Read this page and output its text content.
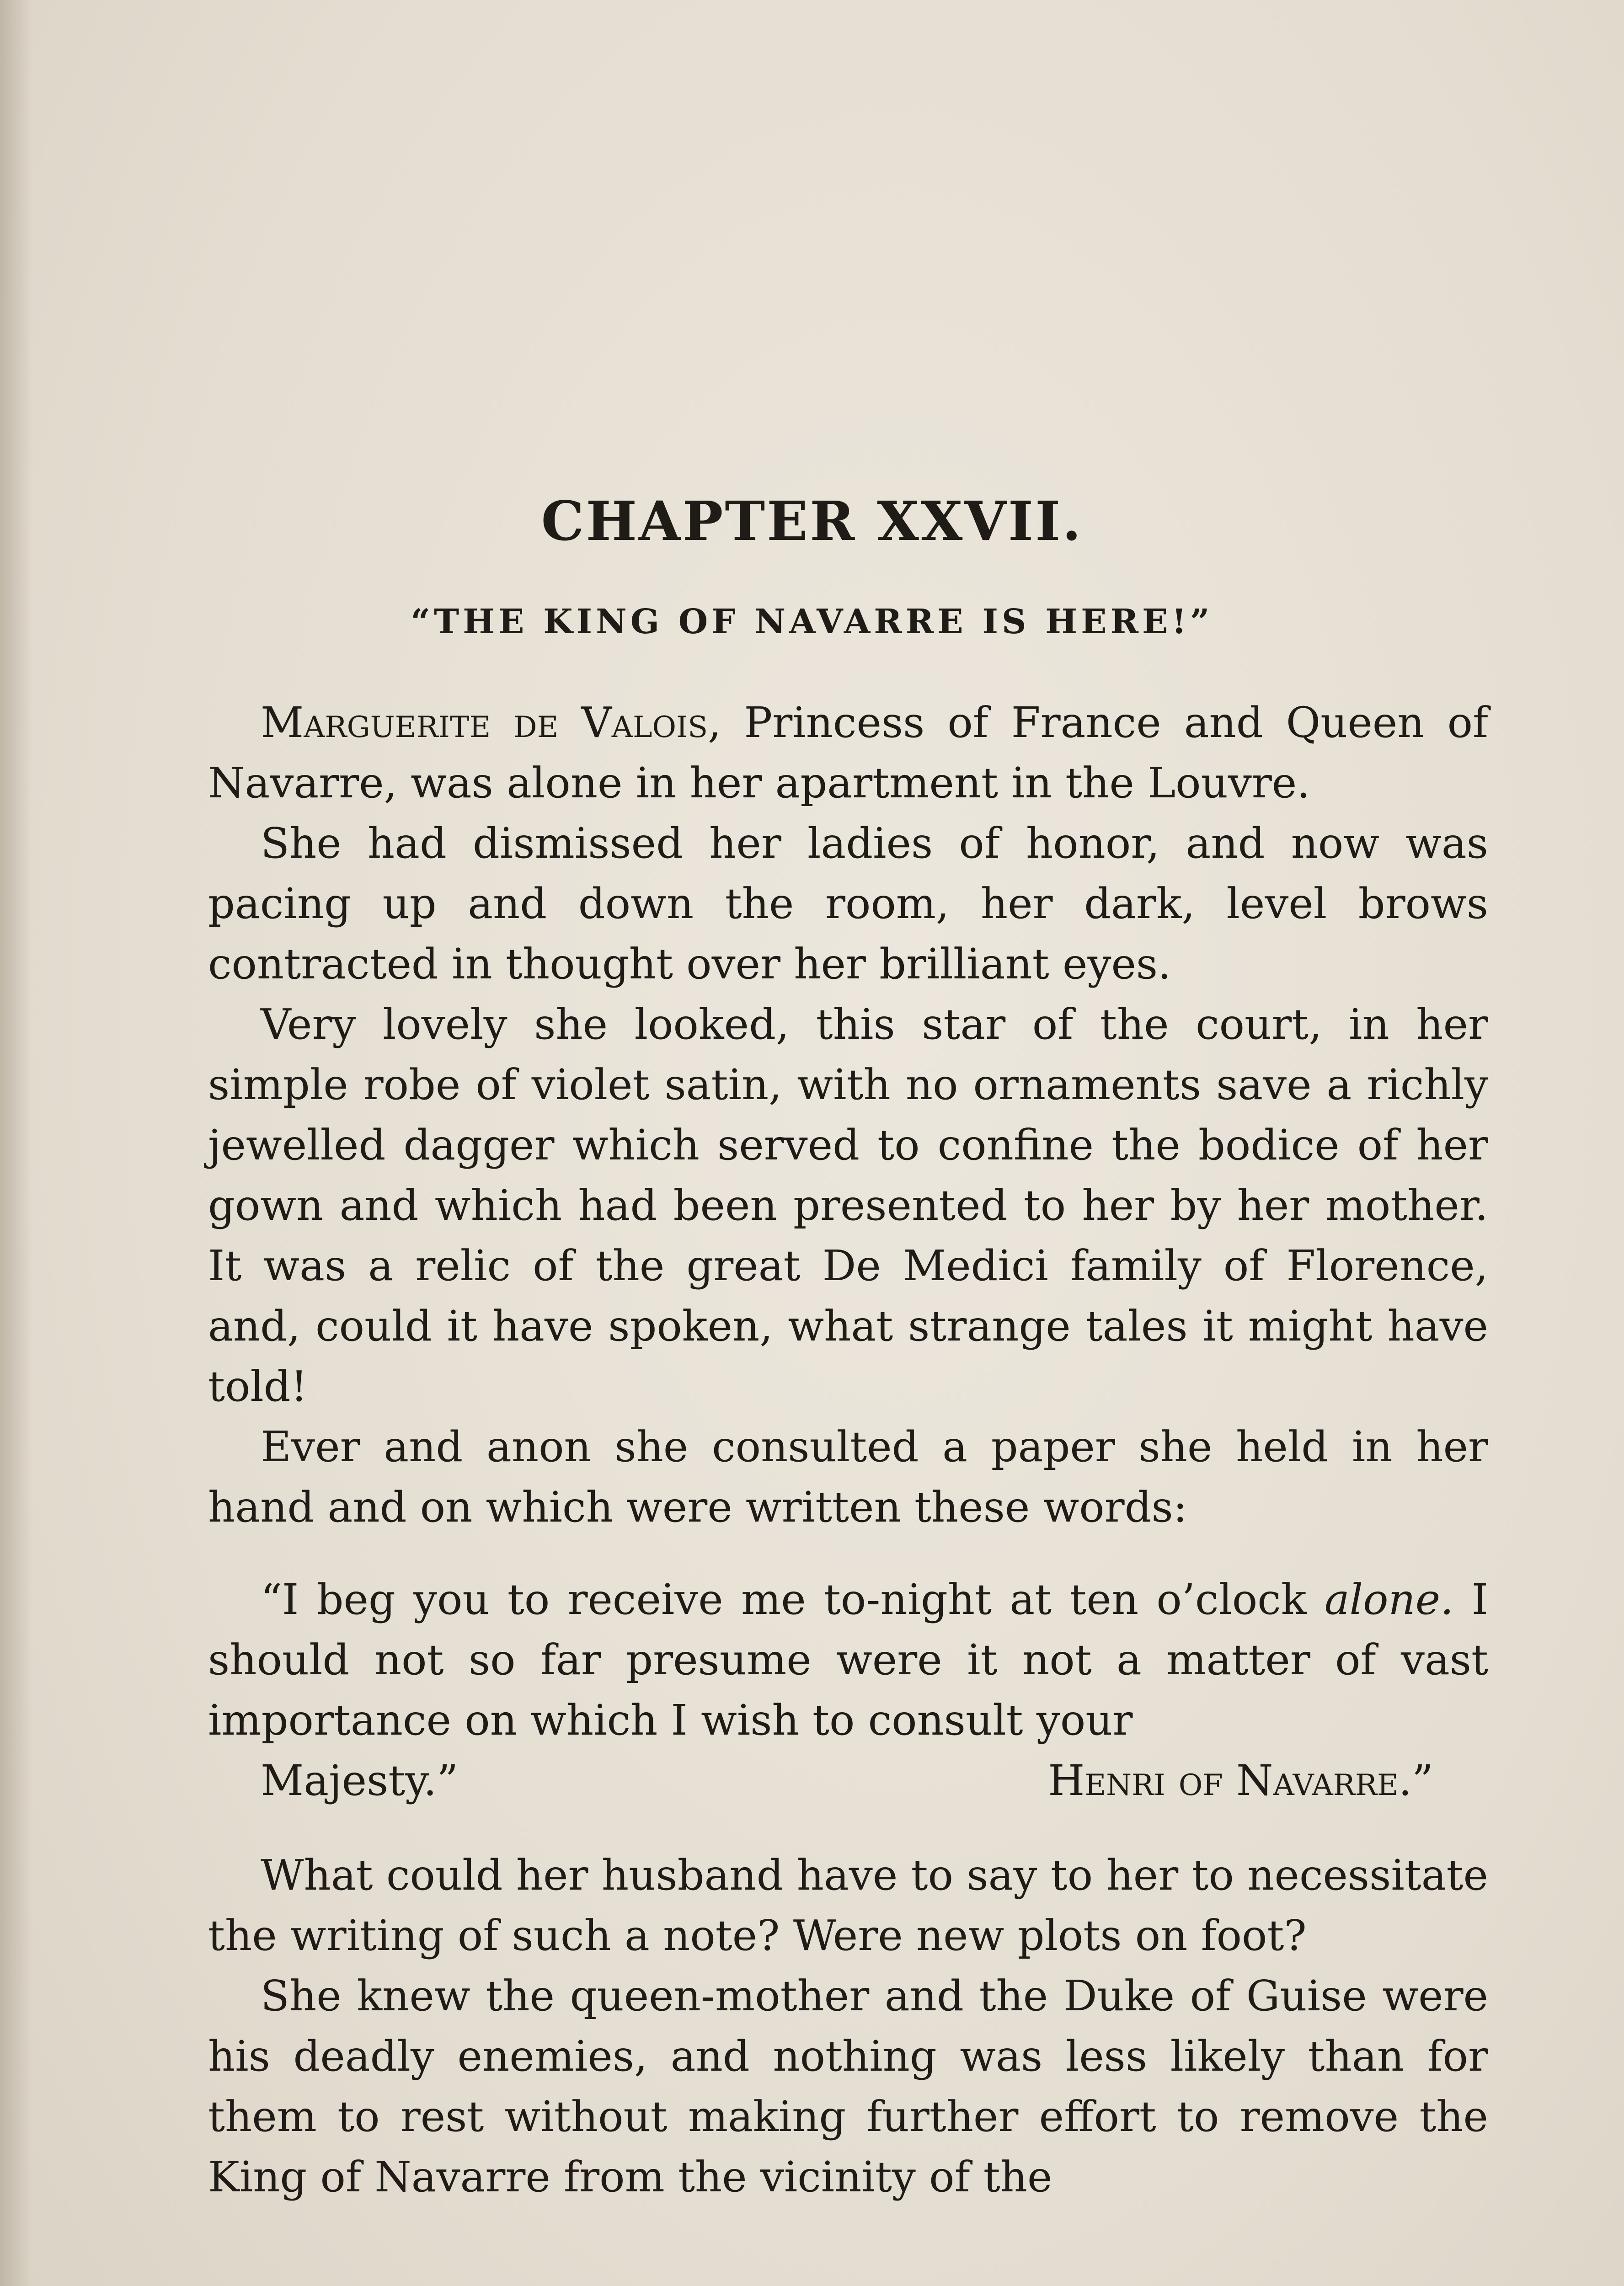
CHAPTER XXVII.
“THE KING OF NAVARRE IS HERE!”

Marguerite de Valois, Princess of France and Queen of Navarre, was alone in her apartment in the Louvre.

She had dismissed her ladies of honor, and now was pacing up and down the room, her dark, level brows contracted in thought over her brilliant eyes.

Very lovely she looked, this star of the court, in her simple robe of violet satin, with no ornaments save a richly jewelled dagger which served to confine the bodice of her gown and which had been presented to her by her mother. It was a relic of the great De Medici family of Florence, and, could it have spoken, what strange tales it might have told!

Ever and anon she consulted a paper she held in her hand and on which were written these words:

“I beg you to receive me to-night at ten o’clock alone. I should not so far presume were it not a matter of vast importance on which I wish to consult your

Majesty.”	Henri of Navarre.”

What could her husband have to say to her to necessitate the writing of such a note? Were new plots on foot?

She knew the queen-mother and the Duke of Guise were his deadly enemies, and nothing was less likely than for them to rest without making further effort to remove the King of Navarre from the vicinity of the
